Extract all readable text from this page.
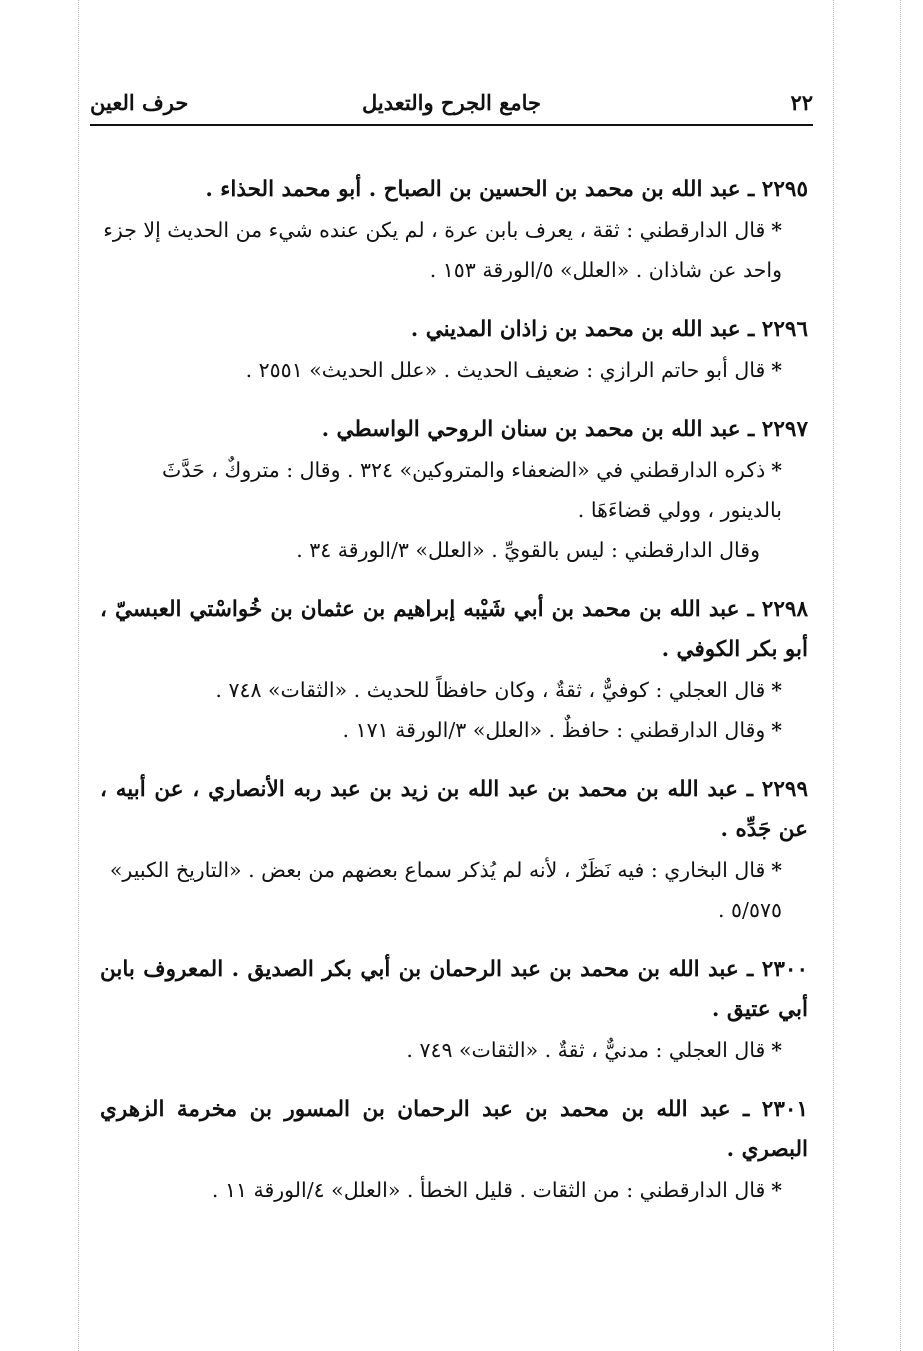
٢٢
جامع الجرح والتعديل
حرف العين

٢٢٩٥ ـ عبد الله بن محمد بن الحسين بن الصباح . أبو محمد الحذاء .

*قال الدارقطني : ثقة ، يعرف بابن عرة ، لم يكن عنده شيء من الحديث إلا جزء واحد عن شاذان . «العلل» ٥/الورقة ١٥٣ .

٢٢٩٦ ـ عبد الله بن محمد بن زاذان المديني .

*قال أبو حاتم الرازي : ضعيف الحديث . «علل الحديث» ٢٥٥١ .

٢٢٩٧ ـ عبد الله بن محمد بن سنان الروحي الواسطي .

*ذكره الدارقطني في «الضعفاء والمتروكين» ٣٢٤ . وقال : متروكٌ ، حَدَّثَ بالدينور ، وولي قضاءَهَا .

وقال الدارقطني : ليس بالقويِّ . «العلل» ٣/الورقة ٣٤ .

٢٢٩٨ ـ عبد الله بن محمد بن أبي شَيْبه إبراهيم بن عثمان بن خُواسْتي العبسيّ ، أبو بكر الكوفي .

*قال العجلي : كوفيٌّ ، ثقةٌ ، وكان حافظاً للحديث . «الثقات» ٧٤٨ .

*وقال الدارقطني : حافظٌ . «العلل» ٣/الورقة ١٧١ .

٢٢٩٩ ـ عبد الله بن محمد بن عبد الله بن زيد بن عبد ربه الأنصاري ، عن أبيه ، عن جَدِّه .

*قال البخاري : فيه نَظَرٌ ، لأنه لم يُذكر سماع بعضهم من بعض . «التاريخ الكبير» ٥/٥٧٥ .

٢٣٠٠ ـ عبد الله بن محمد بن عبد الرحمان بن أبي بكر الصديق . المعروف بابن أبي عتيق .

*قال العجلي : مدنيٌّ ، ثقةٌ . «الثقات» ٧٤٩ .

٢٣٠١ ـ عبد الله بن محمد بن عبد الرحمان بن المسور بن مخرمة الزهري البصري .

*قال الدارقطني : من الثقات . قليل الخطأ . «العلل» ٤/الورقة ١١ .
